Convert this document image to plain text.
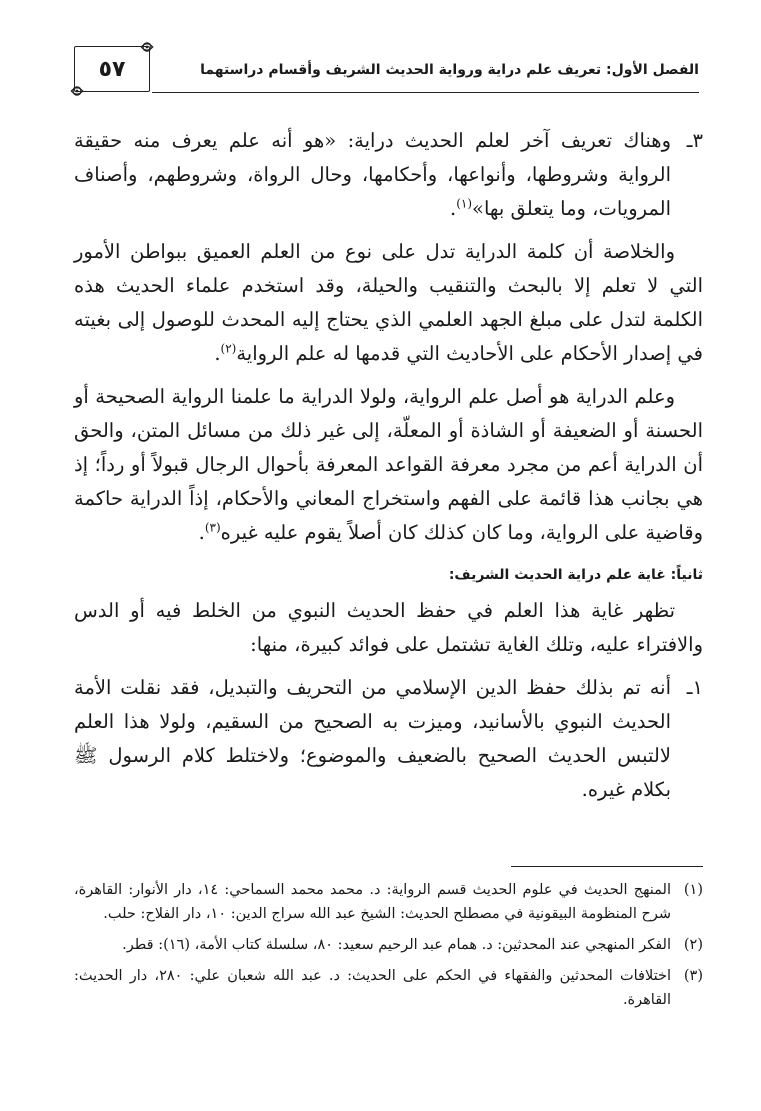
الفصل الأول: تعريف علم دراية ورواية الحديث الشريف وأقسام دراستهما
٥٧
٣ـ
وهناك تعريف آخر لعلم الحديث دراية: «هو أنه علم يعرف منه حقيقة الرواية وشروطها، وأنواعها، وأحكامها، وحال الرواة، وشروطهم، وأصناف المرويات، وما يتعلق بها»$^{(١)}$.

والخلاصة أن كلمة الدراية تدل على نوع من العلم العميق ببواطن الأمور التي لا تعلم إلا بالبحث والتنقيب والحيلة، وقد استخدم علماء الحديث هذه الكلمة لتدل على مبلغ الجهد العلمي الذي يحتاج إليه المحدث للوصول إلى بغيته في إصدار الأحكام على الأحاديث التي قدمها له علم الرواية$^{(٢)}$.

وعلم الدراية هو أصل علم الرواية، ولولا الدراية ما علمنا الرواية الصحيحة أو الحسنة أو الضعيفة أو الشاذة أو المعلّة، إلى غير ذلك من مسائل المتن، والحق أن الدراية أعم من مجرد معرفة القواعد المعرفة بأحوال الرجال قبولاً أو رداً؛ إذ هي بجانب هذا قائمة على الفهم واستخراج المعاني والأحكام، إذاً الدراية حاكمة وقاضية على الرواية، وما كان كذلك كان أصلاً يقوم عليه غيره$^{(٣)}$.

ثانياً: غاية علم دراية الحديث الشريف:

تظهر غاية هذا العلم في حفظ الحديث النبوي من الخلط فيه أو الدس والافتراء عليه، وتلك الغاية تشتمل على فوائد كبيرة، منها:

١ـ
أنه تم بذلك حفظ الدين الإسلامي من التحريف والتبديل، فقد نقلت الأمة الحديث النبوي بالأسانيد، وميزت به الصحيح من السقيم، ولولا هذا العلم لالتبس الحديث الصحيح بالضعيف والموضوع؛ ولاختلط كلام الرسول ﷺ بكلام غيره.
(١)
المنهج الحديث في علوم الحديث قسم الرواية: د. محمد محمد السماحي: ١٤، دار الأنوار: القاهرة، شرح المنظومة البيقونية في مصطلح الحديث: الشيخ عبد الله سراج الدين: ١٠، دار الفلاح: حلب.
(٢)
الفكر المنهجي عند المحدثين: د. همام عبد الرحيم سعيد: ٨٠، سلسلة كتاب الأمة، (١٦): قطر.
(٣)
اختلافات المحدثين والفقهاء في الحكم على الحديث: د. عبد الله شعبان علي: ٢٨٠، دار الحديث: القاهرة.
